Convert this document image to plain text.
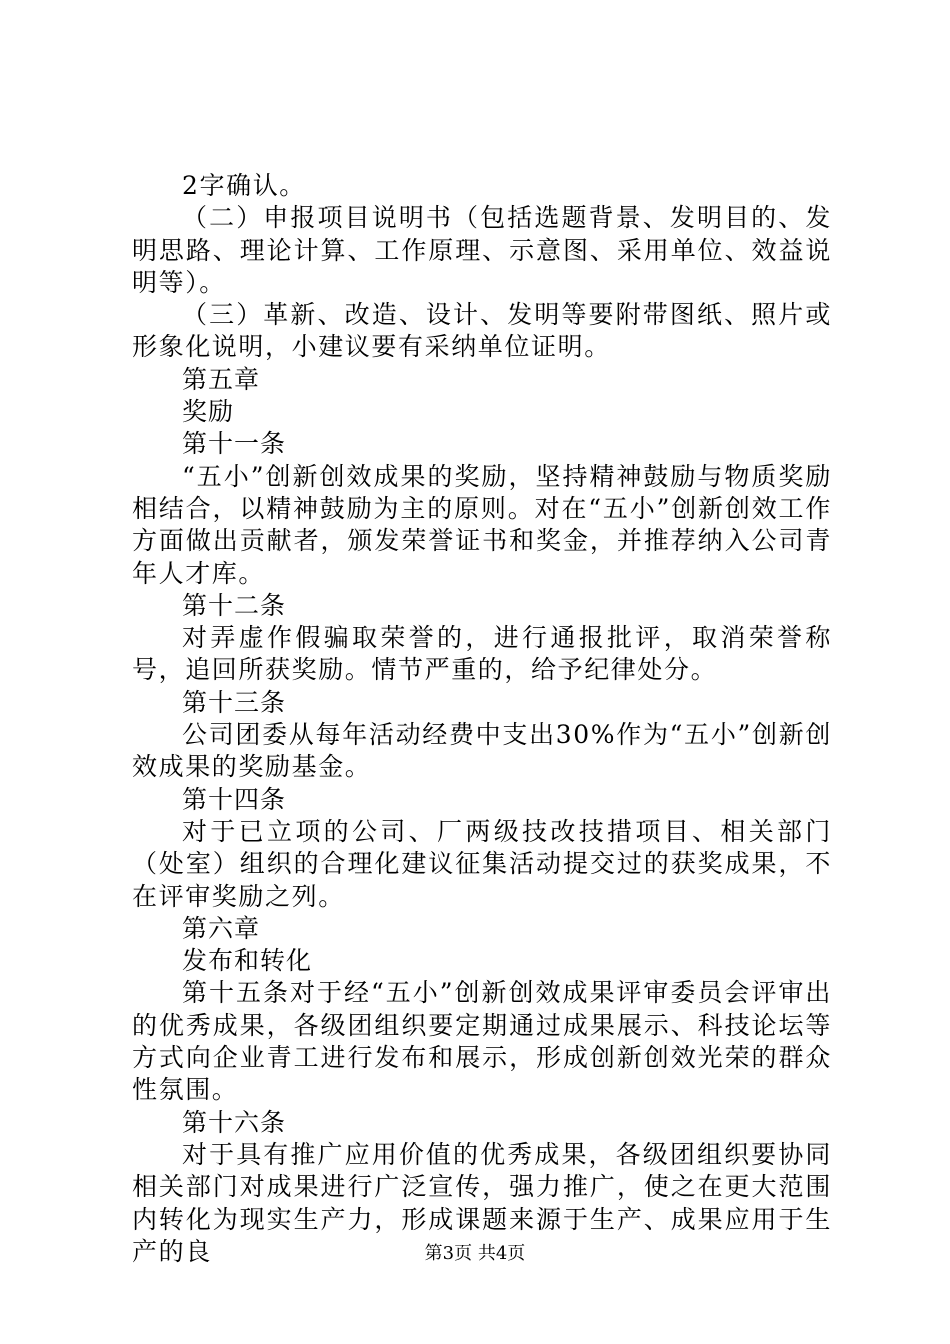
2字确认。

（二）申报项目说明书（包括选题背景、发明目的、发明思路、理论计算、工作原理、示意图、采用单位、效益说明等）。

（三）革新、改造、设计、发明等要附带图纸、照片或形象化说明，小建议要有采纳单位证明。

第五章

奖励

第十一条

“五小”创新创效成果的奖励，坚持精神鼓励与物质奖励相结合，以精神鼓励为主的原则。对在“五小”创新创效工作方面做出贡献者，颁发荣誉证书和奖金，并推荐纳入公司青年人才库。

第十二条

对弄虚作假骗取荣誉的，进行通报批评，取消荣誉称号，追回所获奖励。情节严重的，给予纪律处分。

第十三条

公司团委从每年活动经费中支出30%作为“五小”创新创效成果的奖励基金。

第十四条

对于已立项的公司、厂两级技改技措项目、相关部门（处室）组织的合理化建议征集活动提交过的获奖成果，不在评审奖励之列。

第六章

发布和转化

第十五条对于经“五小”创新创效成果评审委员会评审出的优秀成果，各级团组织要定期通过成果展示、科技论坛等方式向企业青工进行发布和展示，形成创新创效光荣的群众性氛围。

第十六条

对于具有推广应用价值的优秀成果，各级团组织要协同相关部门对成果进行广泛宣传，强力推广，使之在更大范围内转化为现实生产力，形成课题来源于生产、成果应用于生产的良	第3页 共4页
